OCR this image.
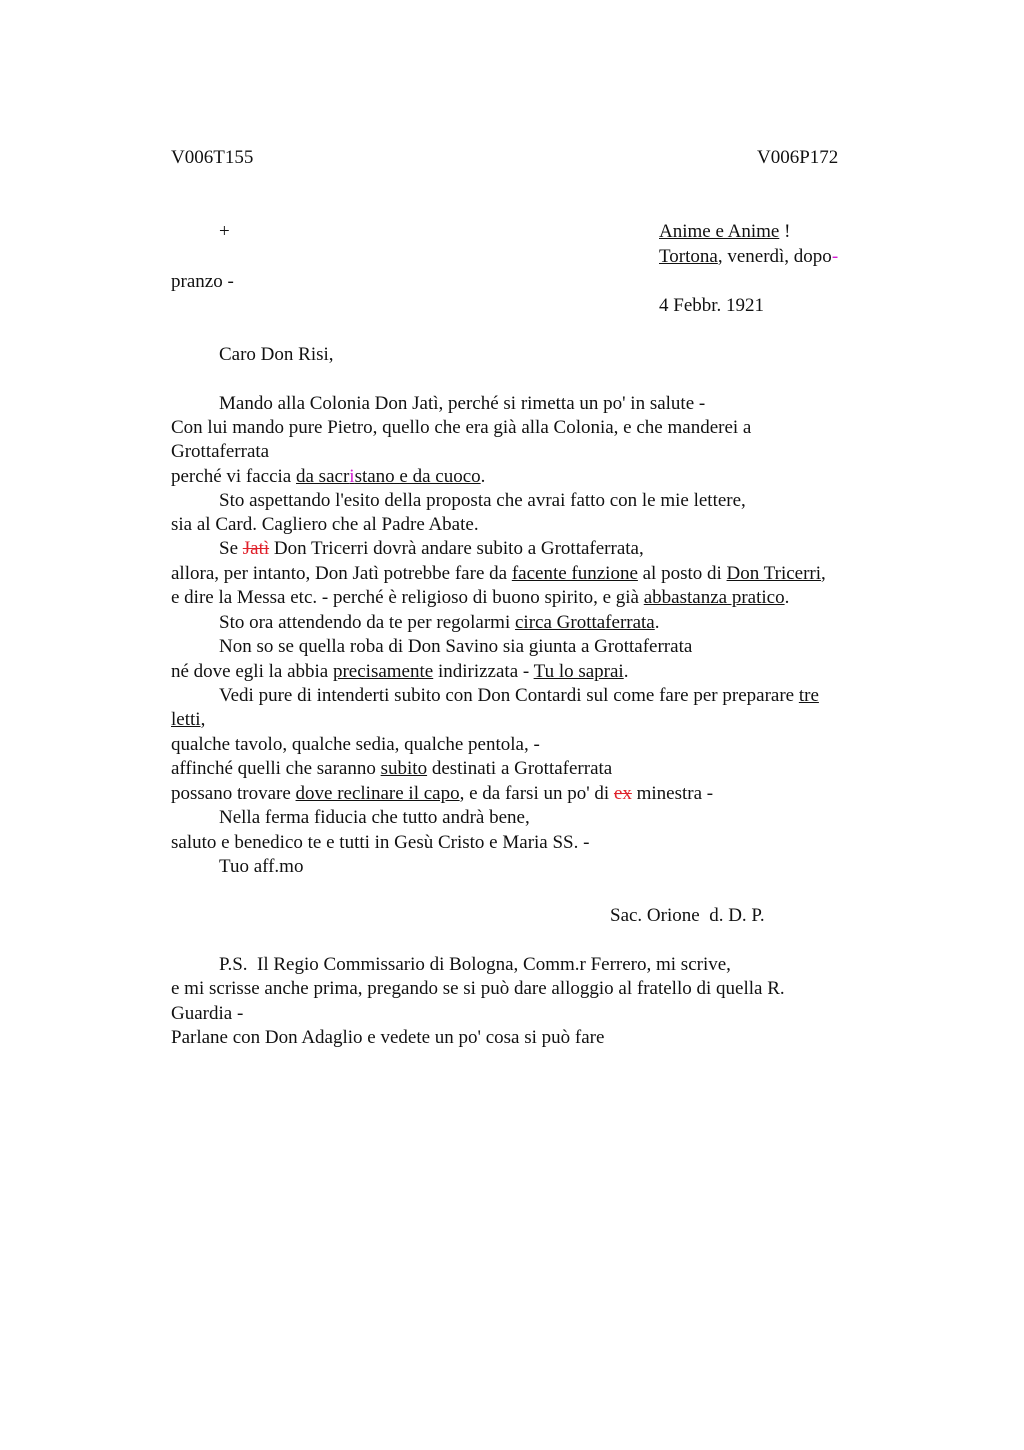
V006T155	V006P172
+	Anime e Anime !
Tortona, venerdì, dopo-
pranzo -
4 Febbr. 1921
Caro Don Risi,
Mando alla Colonia Don Jatì, perché si rimetta un po' in salute -
Con lui mando pure Pietro, quello che era già alla Colonia, e che manderei a
Grottaferrata
perché vi faccia da sacristano e da cuoco.
Sto aspettando l'esito della proposta che avrai fatto con le mie lettere,
sia al Card. Cagliero che al Padre Abate.
Se Jatì Don Tricerri dovrà andare subito a Grottaferrata,
allora, per intanto, Don Jatì potrebbe fare da facente funzione al posto di Don Tricerri,
e dire la Messa etc. - perché è religioso di buono spirito, e già abbastanza pratico.
Sto ora attendendo da te per regolarmi circa Grottaferrata.
Non so se quella roba di Don Savino sia giunta a Grottaferrata
né dove egli la abbia precisamente indirizzata - Tu lo saprai.
Vedi pure di intenderti subito con Don Contardi sul come fare per preparare tre
letti,
qualche tavolo, qualche sedia, qualche pentola, -
affinché quelli che saranno subito destinati a Grottaferrata
possano trovare dove reclinare il capo, e da farsi un po' di ex minestra -
Nella ferma fiducia che tutto andrà bene,
saluto e benedico te e tutti in Gesù Cristo e Maria SS. -
Tuo aff.mo
Sac. Orione  d. D. P.
P.S.  Il Regio Commissario di Bologna, Comm.r Ferrero, mi scrive,
e mi scrisse anche prima, pregando se si può dare alloggio al fratello di quella R.
Guardia -
Parlane con Don Adaglio e vedete un po' cosa si può fare
